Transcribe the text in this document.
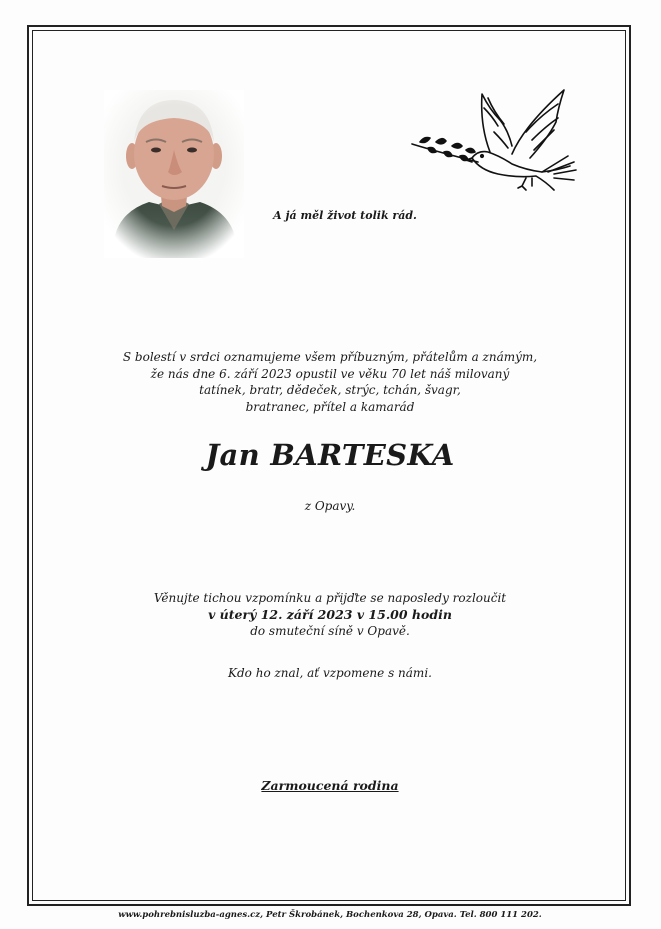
A já měl život tolik rád.
S bolestí v srdci oznamujeme všem příbuzným, přátelům a známým,
že nás dne 6. září 2023 opustil ve věku 70 let náš milovaný
tatínek, bratr, dědeček, strýc, tchán, švagr,
bratranec, přítel a kamarád
Jan BARTESKA
z Opavy.
Věnujte tichou vzpomínku a přijďte se naposledy rozloučit
v úterý 12. září 2023 v 15.00 hodin
do smuteční síně v Opavě.
Kdo ho znal, ať vzpomene s námi.
Zarmoucená rodina
www.pohrebnisluzba-agnes.cz, Petr Škrobánek, Bochenkova 28, Opava. Tel. 800 111 202.
